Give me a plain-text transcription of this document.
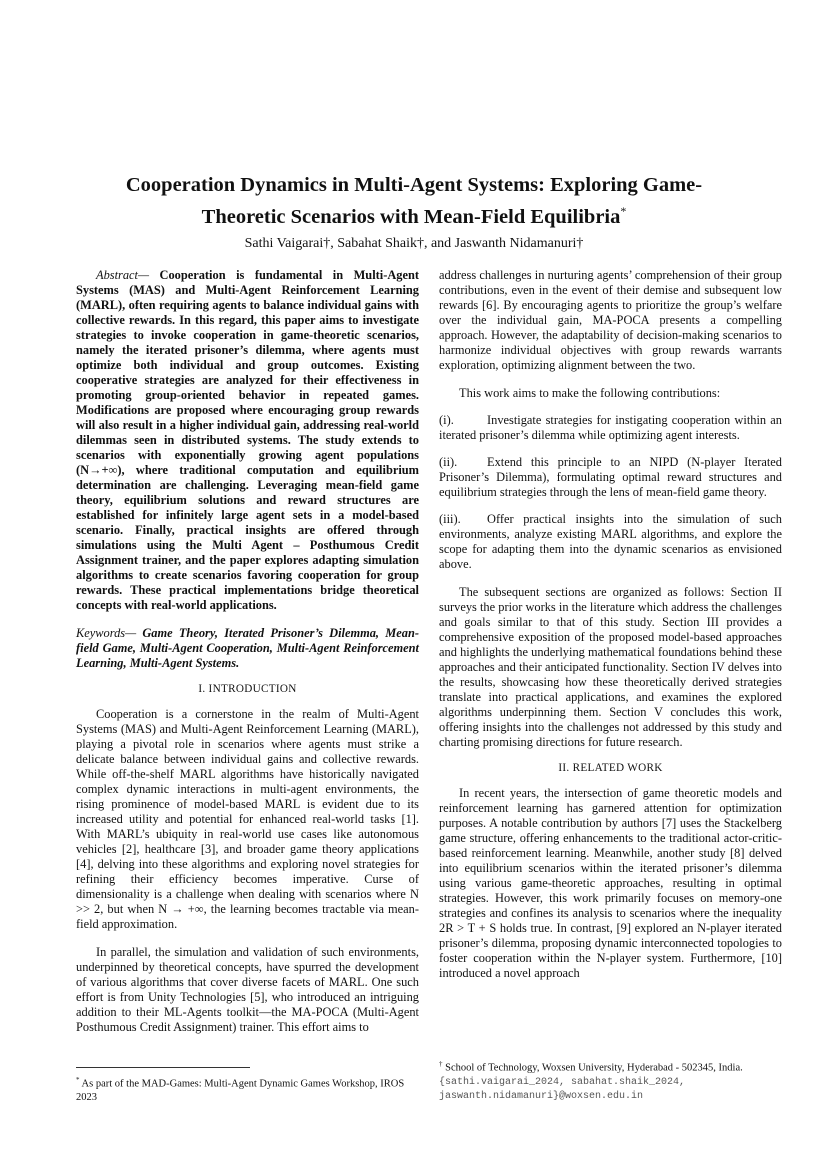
Cooperation Dynamics in Multi-Agent Systems: Exploring Game-
Theoretic Scenarios with Mean-Field Equilibria*
Sathi Vaigarai†, Sabahat Shaik†, and Jaswanth Nidamanuri†

Abstract— Cooperation is fundamental in Multi-Agent Systems (MAS) and Multi-Agent Reinforcement Learning (MARL), often requiring agents to balance individual gains with collective rewards. In this regard, this paper aims to investigate strategies to invoke cooperation in game-theoretic scenarios, namely the iterated prisoner’s dilemma, where agents must optimize both individual and group outcomes. Existing cooperative strategies are analyzed for their effectiveness in promoting group-oriented behavior in repeated games. Modifications are proposed where encouraging group rewards will also result in a higher individual gain, addressing real-world dilemmas seen in distributed systems. The study extends to scenarios with exponentially growing agent populations (N→+∞), where traditional computation and equilibrium determination are challenging. Leveraging mean-field game theory, equilibrium solutions and reward structures are established for infinitely large agent sets in a model-based scenario. Finally, practical insights are offered through simulations using the Multi Agent – Posthumous Credit Assignment trainer, and the paper explores adapting simulation algorithms to create scenarios favoring cooperation for group rewards. These practical implementations bridge theoretical concepts with real-world applications.

Keywords— Game Theory, Iterated Prisoner’s Dilemma, Mean-field Game, Multi-Agent Cooperation, Multi-Agent Reinforcement Learning, Multi-Agent Systems.

I. INTRODUCTION

Cooperation is a cornerstone in the realm of Multi-Agent Systems (MAS) and Multi-Agent Reinforcement Learning (MARL), playing a pivotal role in scenarios where agents must strike a delicate balance between individual gains and collective rewards. While off-the-shelf MARL algorithms have historically navigated complex dynamic interactions in multi-agent environments, the rising prominence of model-based MARL is evident due to its increased utility and potential for enhanced real-world tasks [1]. With MARL’s ubiquity in real-world use cases like autonomous vehicles [2], healthcare [3], and broader game theory applications [4], delving into these algorithms and exploring novel strategies for refining their efficiency becomes imperative. Curse of dimensionality is a challenge when dealing with scenarios where N >> 2, but when N → +∞, the learning becomes tractable via mean-field approximation.

In parallel, the simulation and validation of such environments, underpinned by theoretical concepts, have spurred the development of various algorithms that cover diverse facets of MARL. One such effort is from Unity Technologies [5], who introduced an intriguing addition to their ML-Agents toolkit—the MA-POCA (Multi-Agent Posthumous Credit Assignment) trainer. This effort aims to

address challenges in nurturing agents’ comprehension of their group contributions, even in the event of their demise and subsequent low rewards [6]. By encouraging agents to prioritize the group’s welfare over the individual gain, MA-POCA presents a compelling approach. However, the adaptability of decision-making scenarios to harmonize individual objectives with group rewards warrants exploration, optimizing alignment between the two.

This work aims to make the following contributions:

(i).	Investigate strategies for instigating cooperation within an iterated prisoner’s dilemma while optimizing agent interests.

(ii). Extend this principle to an NIPD (N-player Iterated Prisoner’s Dilemma), formulating optimal reward structures and equilibrium strategies through the lens of mean-field game theory.

(iii). Offer practical insights into the simulation of such environments, analyze existing MARL algorithms, and explore the scope for adapting them into the dynamic scenarios as envisioned above.

The subsequent sections are organized as follows: Section II surveys the prior works in the literature which address the challenges and goals similar to that of this study. Section III provides a comprehensive exposition of the proposed model-based approaches and highlights the underlying mathematical foundations behind these approaches and their anticipated functionality. Section IV delves into the results, showcasing how these theoretically derived strategies translate into practical applications, and examines the explored algorithms underpinning them. Section V concludes this work, offering insights into the challenges not addressed by this study and charting promising directions for future research.

II. RELATED WORK

In recent years, the intersection of game theoretic models and reinforcement learning has garnered attention for optimization purposes. A notable contribution by authors [7] uses the Stackelberg game structure, offering enhancements to the traditional actor-critic-based reinforcement learning. Meanwhile, another study [8] delved into equilibrium scenarios within the iterated prisoner’s dilemma using various game-theoretic approaches, resulting in optimal strategies. However, this work primarily focuses on memory-one strategies and confines its analysis to scenarios where the inequality 2R > T + S holds true. In contrast, [9] explored an N-player iterated prisoner’s dilemma, proposing dynamic interconnected topologies to foster cooperation within the N-player system. Furthermore, [10] introduced a novel approach

* As part of the MAD-Games: Multi-Agent Dynamic Games Workshop, IROS 2023
† School of Technology, Woxsen University, Hyderabad - 502345, India.
{sathi.vaigarai_2024, sabahat.shaik_2024, jaswanth.nidamanuri}@woxsen.edu.in
